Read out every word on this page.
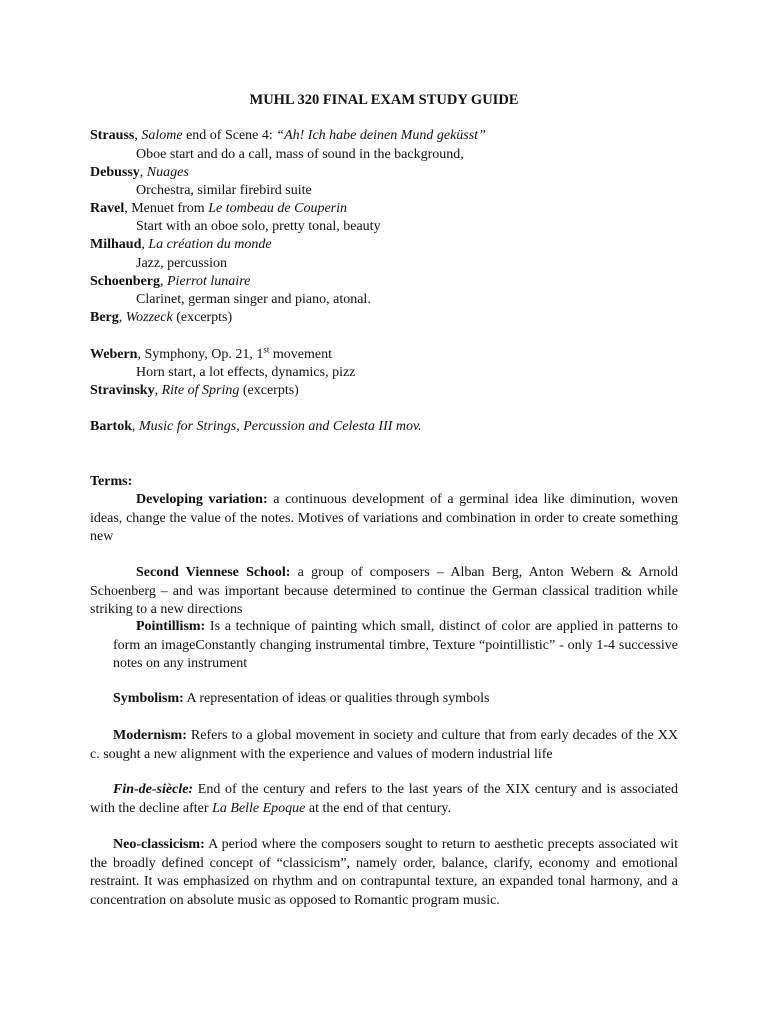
MUHL 320 FINAL EXAM STUDY GUIDE
Strauss, Salome end of Scene 4: “Ah! Ich habe deinen Mund geküsst”
Oboe start and do a call, mass of sound in the background,
Debussy, Nuages
Orchestra, similar firebird suite
Ravel, Menuet from Le tombeau de Couperin
Start with an oboe solo, pretty tonal, beauty
Milhaud, La création du monde
Jazz, percussion
Schoenberg, Pierrot lunaire
Clarinet, german singer and piano, atonal.
Berg, Wozzeck (excerpts)
Webern, Symphony, Op. 21, 1st movement
Horn start, a lot effects, dynamics, pizz
Stravinsky, Rite of Spring (excerpts)
Bartok, Music for Strings, Percussion and Celesta III mov.
Terms:
Developing variation: a continuous development of a germinal idea like diminution, woven ideas, change the value of the notes. Motives of variations and combination in order to create something new
Second Viennese School: a group of composers – Alban Berg, Anton Webern & Arnold Schoenberg – and was important because determined to continue the German classical tradition while striking to a new directions
Pointillism: Is a technique of painting which small, distinct of color are applied in patterns to form an imageConstantly changing instrumental timbre, Texture “pointillistic” - only 1-4 successive notes on any instrument
Symbolism: A representation of ideas or qualities through symbols
Modernism: Refers to a global movement in society and culture that from early decades of the XX c. sought a new alignment with the experience and values of modern industrial life
Fin-de-siècle: End of the century and refers to the last years of the XIX century and is associated with the decline after La Belle Epoque at the end of that century.
Neo-classicism: A period where the composers sought to return to aesthetic precepts associated wit the broadly defined concept of “classicism”, namely order, balance, clarify, economy and emotional restraint. It was emphasized on rhythm and on contrapuntal texture, an expanded tonal harmony, and a concentration on absolute music as opposed to Romantic program music.
